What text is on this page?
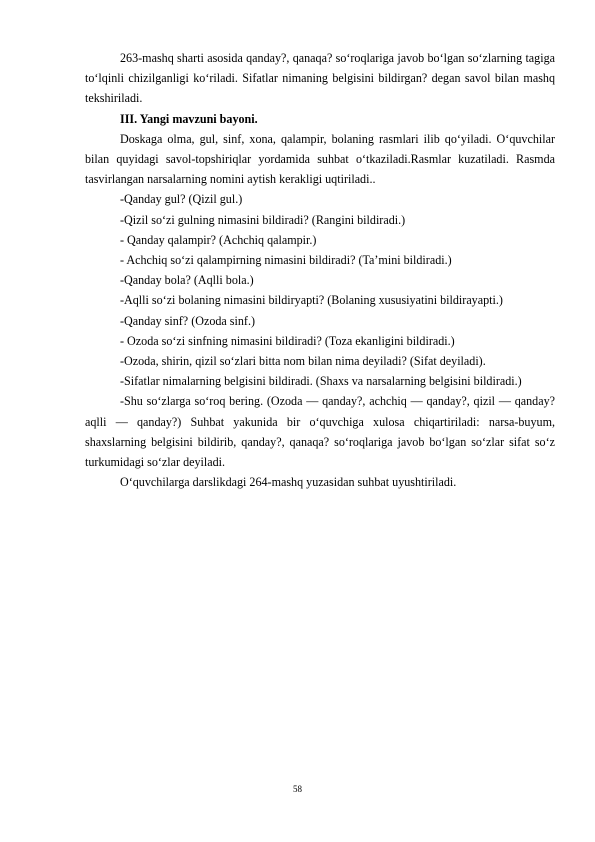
263-mashq sharti asosida qanday?, qanaqa? so‘roqlariga javob bo‘lgan so‘zlarning tagiga to‘lqinli chizilganligi ko‘riladi. Sifatlar nimaning belgisini bildirgan? degan savol bilan mashq tekshiriladi.

III. Yangi mavzuni bayoni.

Doskaga olma, gul, sinf, xona, qalampir, bolaning rasmlari ilib qo‘yiladi. O‘quvchilar bilan quyidagi savol-topshiriqlar yordamida suhbat o‘tkaziladi.Rasmlar kuzatiladi. Rasmda tasvirlangan narsalarning nomini aytish kerakligi uqtiriladi..

-Qanday gul? (Qizil gul.)

-Qizil so‘zi gulning nimasini bildiradi? (Rangini bildiradi.)

- Qanday qalampir? (Achchiq qalampir.)

- Achchiq so‘zi qalampirning nimasini bildiradi? (Ta’mini bildiradi.)

-Qanday bola? (Aqlli bola.)

-Aqlli so‘zi bolaning nimasini bildiryapti? (Bolaning xususiyatini bildirayapti.)

-Qanday sinf? (Ozoda sinf.)

- Ozoda so‘zi sinfning nimasini bildiradi? (Toza ekanligini bildiradi.)

-Ozoda, shirin, qizil so‘zlari bitta nom bilan nima deyiladi? (Sifat deyiladi).

-Sifatlar nimalarning belgisini bildiradi. (Shaxs va narsalarning belgisini bildiradi.)

-Shu so‘zlarga so‘roq bering. (Ozoda — qanday?, achchiq — qanday?, qizil — qanday? aqlli — qanday?) Suhbat yakunida bir o‘quvchiga xulosa chiqartiriladi: narsa-buyum, shaxslarning belgisini bildirib, qanday?, qanaqa? so‘roqlariga javob bo‘lgan so‘zlar sifat so‘z turkumidagi so‘zlar deyiladi.

O‘quvchilarga darslikdagi 264-mashq yuzasidan suhbat uyushtiriladi.

58
